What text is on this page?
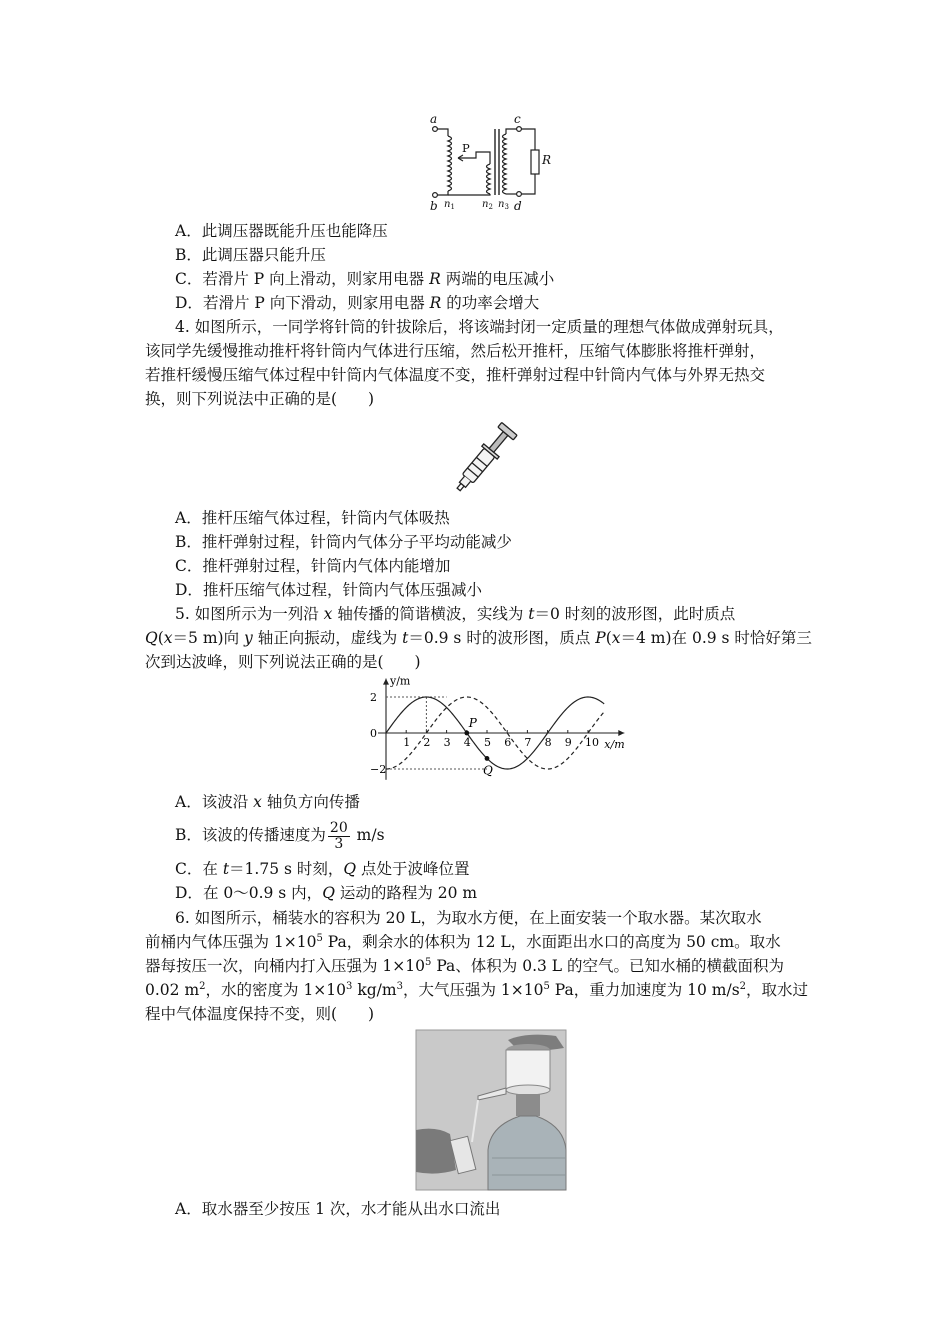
a
b
c
d
R
P
$n_1$	$n_2$ $n_3$
A．此调压器既能升压也能降压
B．此调压器只能升压
C．若滑片 P 向上滑动，则家用电器 R 两端的电压减小
D．若滑片 P 向下滑动，则家用电器 R 的功率会增大
4. 如图所示，一同学将针筒的针拔除后，将该端封闭一定质量的理想气体做成弹射玩具，
该同学先缓慢推动推杆将针筒内气体进行压缩，然后松开推杆，压缩气体膨胀将推杆弹射，
若推杆缓慢压缩气体过程中针筒内气体温度不变，推杆弹射过程中针筒内气体与外界无热交
换，则下列说法中正确的是(　　)
A．推杆压缩气体过程，针筒内气体吸热
B．推杆弹射过程，针筒内气体分子平均动能减少
C．推杆弹射过程，针筒内气体内能增加
D．推杆压缩气体过程，针筒内气体压强减小
5. 如图所示为一列沿 x 轴传播的简谐横波，实线为 t＝0 时刻的波形图，此时质点
Q(x＝5 m)向 y 轴正向振动，虚线为 t＝0.9 s 时的波形图，质点 P(x＝4 m)在 0.9 s 时恰好第三
次到达波峰，则下列说法正确的是(　　)
y/m
x/m
1 2 3 4 5 6 7 8 9 10
2
0
−2
P
Q
A．该波沿 x 轴负方向传播
B．该波的传播速度为 $\frac{20}{3} m/s$
C．在 t＝1.75 s 时刻，Q 点处于波峰位置
D．在 0～0.9 s 内，Q 运动的路程为 20 m
6. 如图所示，桶装水的容积为 20 L，为取水方便，在上面安装一个取水器。某次取水
前桶内气体压强为 $1\times 10^5$ Pa，剩余水的体积为 12 L，水面距出水口的高度为 50 cm。取水
器每按压一次，向桶内打入压强为 $1\times 10^5$ Pa、体积为 0.3 L 的空气。已知水桶的横截面积为
0.02 $m^2$，水的密度为 $1\times 10^3$ $kg/m^3$，大气压强为 $1\times 10^5$ Pa，重力加速度为 10 $m/s^2$，取水过
程中气体温度保持不变，则(　　)
A．取水器至少按压 1 次，水才能从出水口流出
